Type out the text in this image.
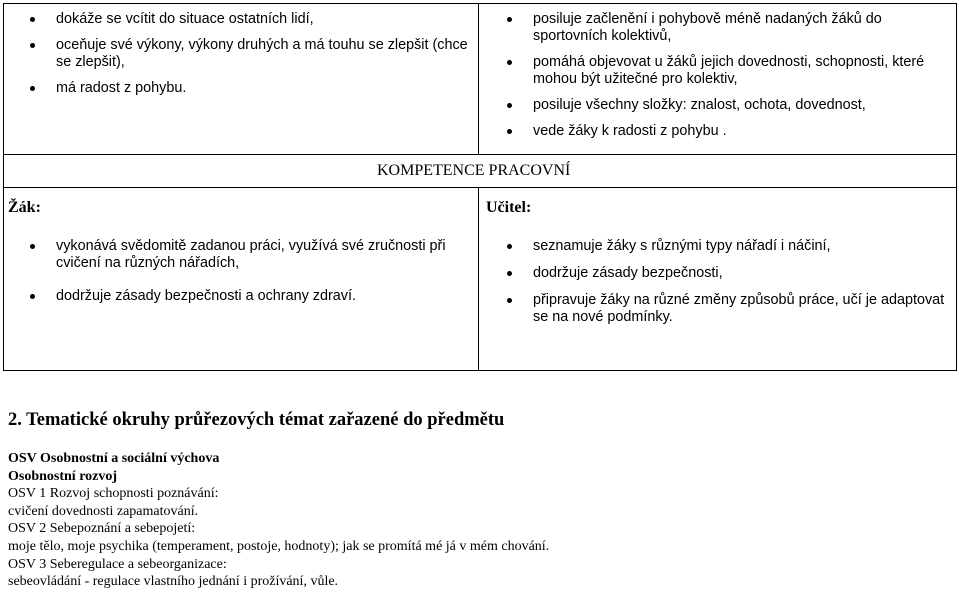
dokáže se vcítit do situace ostatních lidí,
oceňuje své výkony, výkony druhých a má touhu se zlepšit (chce se zlepšit),
má radost z pohybu.
posiluje začlenění i pohybově méně nadaných žáků do sportovních kolektivů,
pomáhá objevovat u žáků jejich dovednosti, schopnosti, které mohou být užitečné pro kolektiv,
posiluje všechny složky: znalost, ochota, dovednost,
vede žáky k radosti z pohybu .
KOMPETENCE PRACOVNÍ
Žák:	Učitel:
vykonává svědomitě zadanou práci, využívá své zručnosti při cvičení na různých nářadích,
dodržuje zásady bezpečnosti a ochrany zdraví.
seznamuje žáky s různými typy nářadí i náčiní,
dodržuje zásady bezpečnosti,
připravuje žáky na různé změny způsobů práce, učí je adaptovat se na nové podmínky.
2. Tematické okruhy průřezových témat zařazené do předmětu
OSV Osobnostní a sociální výchova
Osobnostní rozvoj
OSV 1 Rozvoj schopnosti poznávání:
cvičení dovednosti zapamatování.
OSV 2 Sebepoznání a sebepojetí:
moje tělo, moje psychika (temperament, postoje, hodnoty); jak se promítá mé já v mém chování.
OSV 3 Seberegulace a sebeorganizace:
sebeovládání - regulace vlastního jednání i prožívání, vůle.
